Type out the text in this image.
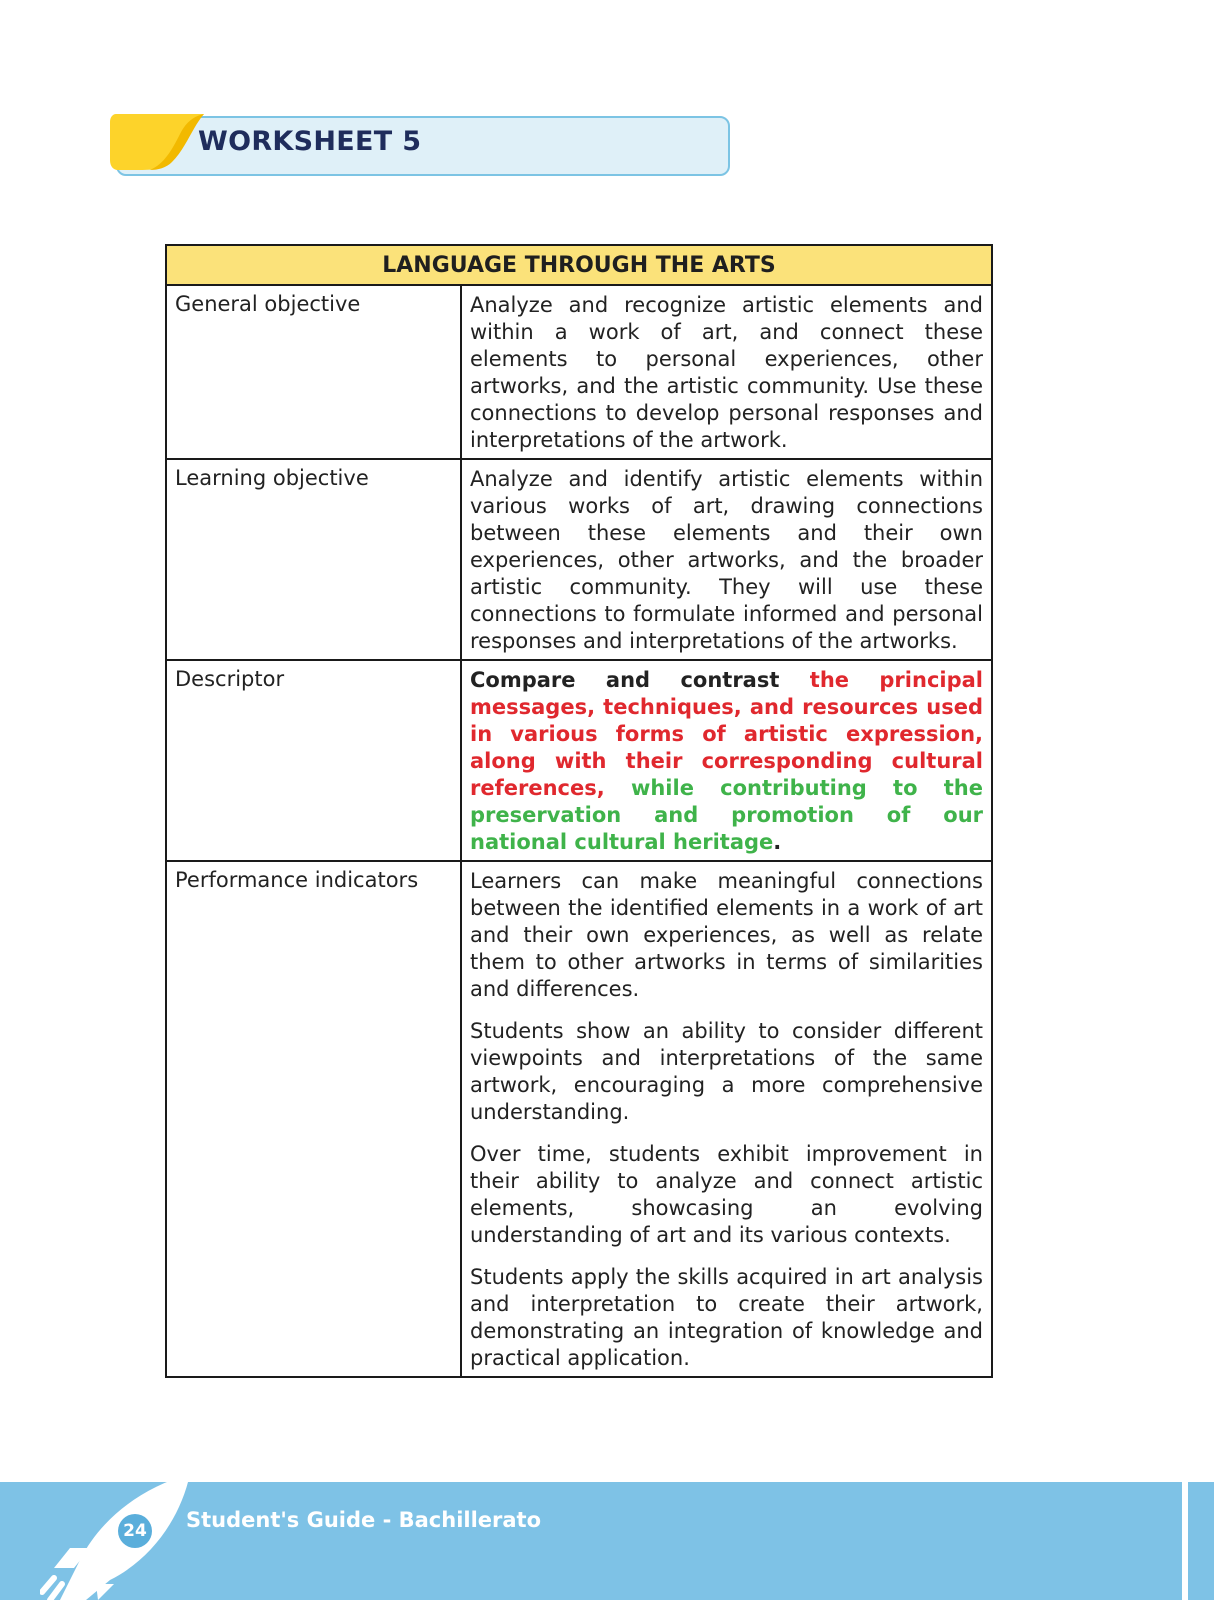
WORKSHEET 5
LANGUAGE THROUGH THE ARTS	
General objective	Analyze and recognize artistic elements and within a work of art, and connect these elements to personal experiences, other artworks, and the artistic community. Use these connections to develop personal responses and interpretations of the artwork.

Learning objective	Analyze and identify artistic elements within various works of art, drawing connections between these elements and their own experiences, other artworks, and the broader artistic community. They will use these connections to formulate informed and personal responses and interpretations of the artworks.

Descriptor	Compare and contrast the principal messages, techniques, and resources used in various forms of artistic expression, along with their corresponding cultural references, while contributing to the preservation and promotion of our national cultural heritage.
Performance indicators	Learners can make meaningful connections between the identified elements in a work of art and their own experiences, as well as relate them to other artworks in terms of similarities and differences.

Students show an ability to consider different viewpoints and interpretations of the same artwork, encouraging a more comprehensive understanding.

Over time, students exhibit improvement in their ability to analyze and connect artistic elements, showcasing an evolving understanding of art and its various contexts.

Students apply the skills acquired in art analysis and interpretation to create their artwork, demonstrating an integration of knowledge and practical application.

Student's Guide - Bachillerato
24
